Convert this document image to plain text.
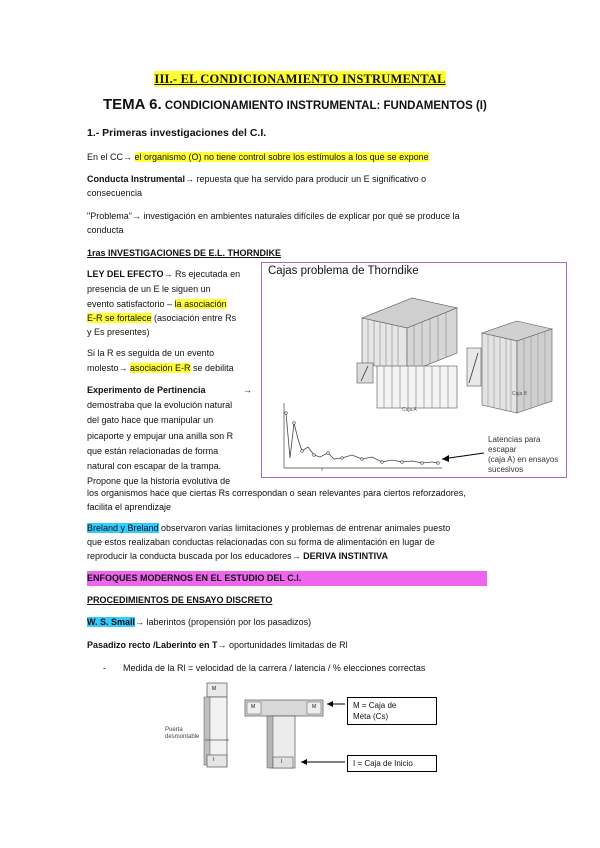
III.- EL CONDICIONAMIENTO INSTRUMENTAL
TEMA 6. CONDICIONAMIENTO INSTRUMENTAL: FUNDAMENTOS (I)
1.- Primeras investigaciones del C.I.
En el CC→ el organismo (O) no tiene control sobre los estímulos a los que se expone
Conducta Instrumental→ repuesta que ha servido para producir un E significativo o
consecuencia
"Problema"→ investigación en ambientes naturales difíciles de explicar por qué se produce la
conducta
1ras INVESTIGACIONES DE E.L. THORNDIKE
LEY DEL EFECTO→ Rs ejecutada en
presencia de un E le siguen un
evento satisfactorio – la asociación
E-R se fortalece (asociación entre Rs
y Es presentes)
Si la R es seguida de un evento
molesto→ asociación E-R se debilita
Experimento de Pertinencia	→
demostraba que la evolución natural
del gato hace que manipular un
picaporte y empujar una anilla son R
que están relacionadas de forma
natural con escapar de la trampa.
Propone que la historia evolutiva de
los organismos hace que ciertas Rs correspondan o sean relevantes para ciertos reforzadores,
facilita el aprendizaje
Breland y Breland observaron varias limitaciones y problemas de entrenar animales puesto
que estos realizaban conductas relacionadas con su forma de alimentación en lugar de
reproducir la conducta buscada por los educadores→ DERIVA INSTINTIVA
Cajas problema de Thorndike
Caja A
Caja B
Latencias para escapar
(caja A) en ensayos
sucesivos
ENFOQUES MODERNOS EN EL ESTUDIO DEL C.I.
PROCEDIMIENTOS DE ENSAYO DISCRETO
W. S. Small→ laberintos (propensión por los pasadizos)
Pasadizo recto /Laberinto en T→ oportunidades limitadas de Rl
- Medida de la Rl = velocidad de la carrera / latencia / % elecciones correctas
M
M	M
I	I
Puerta
desmontable
M = Caja de
Meta (Cs)
I = Caja de Inicio
